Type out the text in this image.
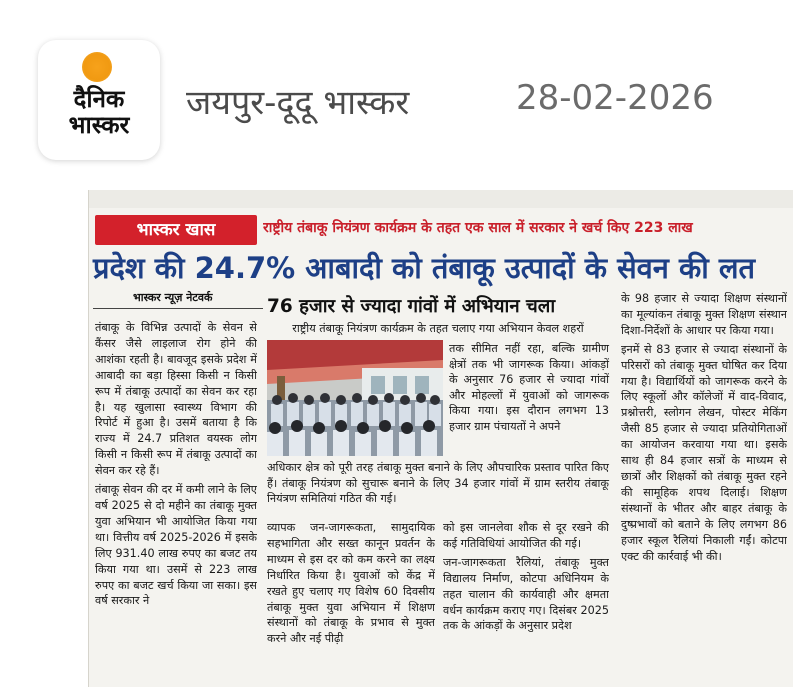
दैनिक
भास्कर
जयपुर-दूदू भास्कर	28-02-2026
भास्कर खास	राष्ट्रीय तंबाकू नियंत्रण कार्यक्रम के तहत एक साल में सरकार ने खर्च किए 223 लाख
प्रदेश की 24.7% आबादी को तंबाकू उत्पादों के सेवन की लत
भास्कर न्यूज़ नेटवर्क

तंबाकू के विभिन्न उत्पादों के सेवन से कैंसर जैसे लाइलाज रोग होने की आशंका रहती है। बावजूद इसके प्रदेश में आबादी का बड़ा हिस्सा किसी न किसी रूप में तंबाकू उत्पादों का सेवन कर रहा है। यह खुलासा स्वास्थ्य विभाग की रिपोर्ट में हुआ है। उसमें बताया है कि राज्य में 24.7 प्रतिशत वयस्क लोग किसी न किसी रूप में तंबाकू उत्पादों का सेवन कर रहे हैं।

तंबाकू सेवन की दर में कमी लाने के लिए वर्ष 2025 से दो महीने का तंबाकू मुक्त युवा अभियान भी आयोजित किया गया था। वित्तीय वर्ष 2025-2026 में इसके लिए 931.40 लाख रुपए का बजट तय किया गया था। उसमें से 223 लाख रुपए का बजट खर्च किया जा सका। इस वर्ष सरकार ने

76 हजार से ज्यादा गांवों में अभियान चला
राष्ट्रीय तंबाकू नियंत्रण कार्यक्रम के तहत चलाए गया अभियान केवल शहरों
तक सीमित नहीं रहा, बल्कि ग्रामीण क्षेत्रों तक भी जागरूक किया। आंकड़ों के अनुसार 76 हजार से ज्यादा गांवों और मोहल्लों में युवाओं को जागरूक किया गया। इस दौरान लगभग 13 हजार ग्राम पंचायतों ने अपने
अधिकार क्षेत्र को पूरी तरह तंबाकू मुक्त बनाने के लिए औपचारिक प्रस्ताव पारित किए हैं। तंबाकू नियंत्रण को सुचारू बनाने के लिए 34 हजार गांवों में ग्राम स्तरीय तंबाकू नियंत्रण समितियां गठित की गई।

व्यापक जन-जागरूकता, सामुदायिक सहभागिता और सख्त कानून प्रवर्तन के माध्यम से इस दर को कम करने का लक्ष्य निर्धारित किया है। युवाओं को केंद्र में रखते हुए चलाए गए विशेष 60 दिवसीय तंबाकू मुक्त युवा अभियान में शिक्षण संस्थानों को तंबाकू के प्रभाव से मुक्त करने और नई पीढ़ी

को इस जानलेवा शौक से दूर रखने की कई गतिविधियां आयोजित की गई।

जन-जागरूकता रैलियां, तंबाकू मुक्त विद्यालय निर्माण, कोटपा अधिनियम के तहत चालान की कार्यवाही और क्षमता वर्धन कार्यक्रम कराए गए। दिसंबर 2025 तक के आंकड़ों के अनुसार प्रदेश

के 98 हजार से ज्यादा शिक्षण संस्थानों का मूल्यांकन तंबाकू मुक्त शिक्षण संस्थान दिशा-निर्देशों के आधार पर किया गया।

इनमें से 83 हजार से ज्यादा संस्थानों के परिसरों को तंबाकू मुक्त घोषित कर दिया गया है। विद्यार्थियों को जागरूक करने के लिए स्कूलों और कॉलेजों में वाद-विवाद, प्रश्नोत्तरी, स्लोगन लेखन, पोस्टर मेकिंग जैसी 85 हजार से ज्यादा प्रतियोगिताओं का आयोजन करवाया गया था। इसके साथ ही 84 हजार सत्रों के माध्यम से छात्रों और शिक्षकों को तंबाकू मुक्त रहने की सामूहिक शपथ दिलाई। शिक्षण संस्थानों के भीतर और बाहर तंबाकू के दुष्प्रभावों को बताने के लिए लगभग 86 हजार स्कूल रैलियां निकाली गईं। कोटपा एक्ट की कार्रवाई भी की।
